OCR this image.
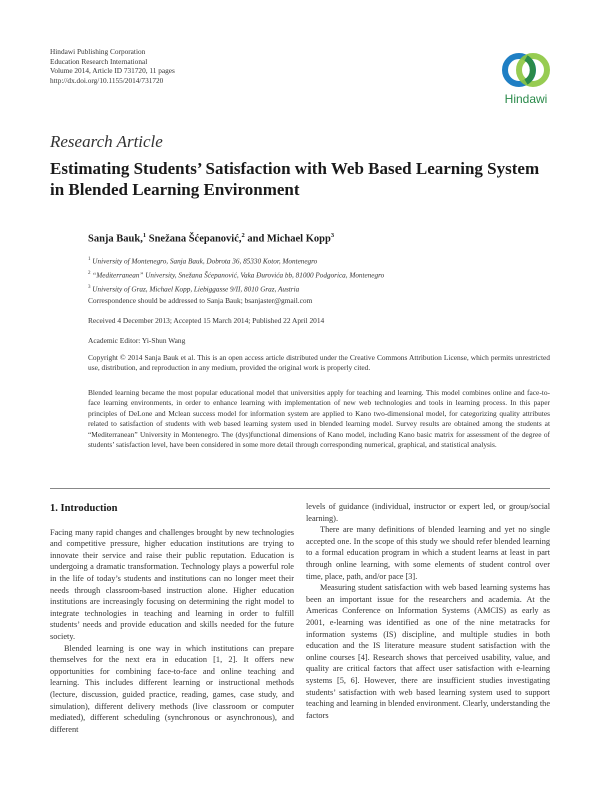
Hindawi Publishing Corporation
Education Research International
Volume 2014, Article ID 731720, 11 pages
http://dx.doi.org/10.1155/2014/731720
Hindawi
Research Article
Estimating Students’ Satisfaction with Web Based Learning System in Blended Learning Environment
Sanja Bauk,$^1$ Snežana Šćepanović,$^2$ and Michael Kopp$^3$
$^1$ University of Montenegro, Sanja Bauk, Dobrota 36, 85330 Kotor, Montenegro
$^2$ “Mediterranean” University, Snežana Šćepanović, Vaka Đurovića bb, 81000 Podgorica, Montenegro
$^3$ University of Graz, Michael Kopp, Liebiggasse 9/II, 8010 Graz, Austria
Correspondence should be addressed to Sanja Bauk; bsanjaster@gmail.com
Received 4 December 2013; Accepted 15 March 2014; Published 22 April 2014
Academic Editor: Yi-Shun Wang
Copyright © 2014 Sanja Bauk et al. This is an open access article distributed under the Creative Commons Attribution License, which permits unrestricted use, distribution, and reproduction in any medium, provided the original work is properly cited.
Blended learning became the most popular educational model that universities apply for teaching and learning. This model combines online and face-to-face learning environments, in order to enhance learning with implementation of new web technologies and tools in learning process. In this paper principles of DeLone and Mclean success model for information system are applied to Kano two-dimensional model, for categorizing quality attributes related to satisfaction of students with web based learning system used in blended learning model. Survey results are obtained among the students at “Mediterranean” University in Montenegro. The (dys)functional dimensions of Kano model, including Kano basic matrix for assessment of the degree of students’ satisfaction level, have been considered in some more detail through corresponding numerical, graphical, and statistical analysis.
1. Introduction

Facing many rapid changes and challenges brought by new technologies and competitive pressure, higher education institutions are trying to innovate their service and raise their public reputation. Education is undergoing a dramatic transformation. Technology plays a powerful role in the life of today’s students and institutions can no longer meet their needs through classroom-based instruction alone. Higher education institutions are increasingly focusing on determining the right model to integrate technologies in teaching and learning in order to fulfill students’ needs and provide education and skills needed for the future society.

Blended learning is one way in which institutions can prepare themselves for the next era in education [1, 2]. It offers new opportunities for combining face-to-face and online teaching and learning. This includes different learning or instructional methods (lecture, discussion, guided practice, reading, games, case study, and simulation), different delivery methods (live classroom or computer mediated), different scheduling (synchronous or asynchronous), and different

levels of guidance (individual, instructor or expert led, or group/social learning).

There are many definitions of blended learning and yet no single accepted one. In the scope of this study we should refer blended learning to a formal education program in which a student learns at least in part through online learning, with some elements of student control over time, place, path, and/or pace [3].

Measuring student satisfaction with web based learning systems has been an important issue for the researchers and academia. At the Americas Conference on Information Systems (AMCIS) as early as 2001, e-learning was identified as one of the nine metatracks for information systems (IS) discipline, and multiple studies in both education and the IS literature measure student satisfaction with the online courses [4]. Research shows that perceived usability, value, and quality are critical factors that affect user satisfaction with e-learning systems [5, 6]. However, there are insufficient studies investigating students’ satisfaction with web based learning system used to support teaching and learning in blended environment. Clearly, understanding the factors
